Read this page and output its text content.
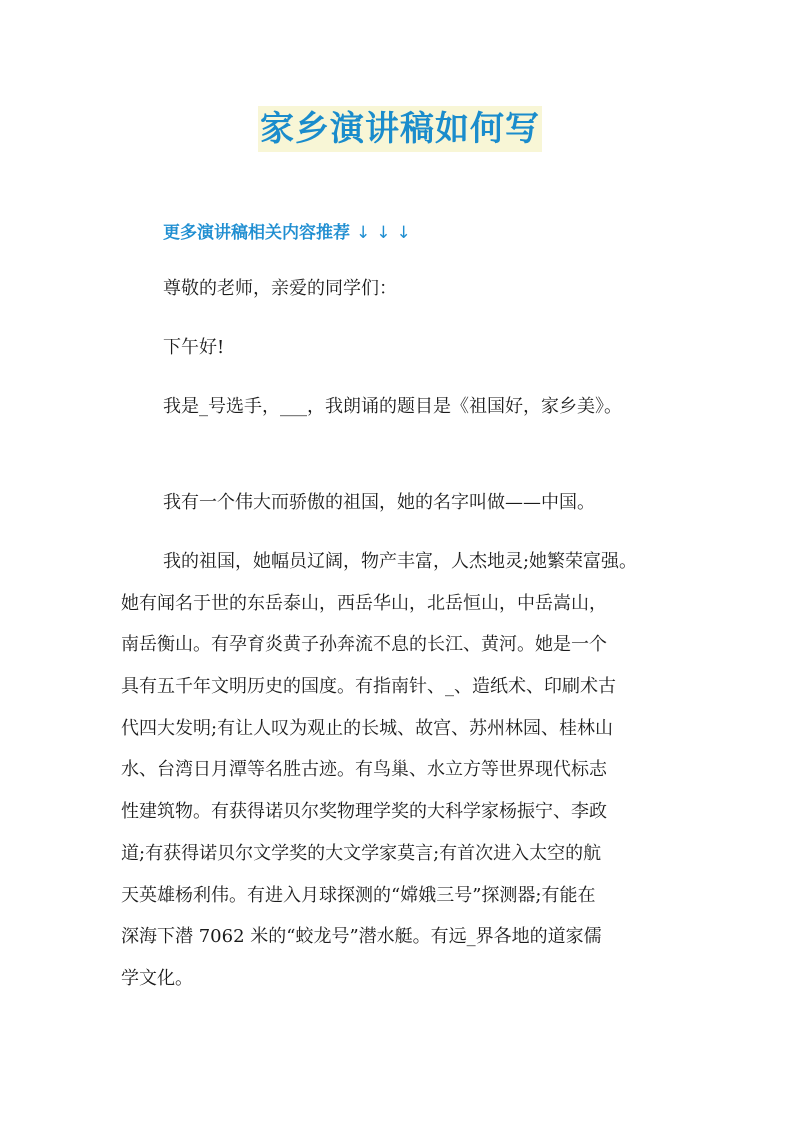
家乡演讲稿如何写
更多演讲稿相关内容推荐 ↓ ↓ ↓
尊敬的老师，亲爱的同学们：
下午好!
我是_号选手，___，我朗诵的题目是《祖国好，家乡美》。
我有一个伟大而骄傲的祖国，她的名字叫做——中国。
我的祖国，她幅员辽阔，物产丰富，人杰地灵;她繁荣富强。
她有闻名于世的东岳泰山，西岳华山，北岳恒山，中岳嵩山，
南岳衡山。有孕育炎黄子孙奔流不息的长江、黄河。她是一个
具有五千年文明历史的国度。有指南针、_、造纸术、印刷术古
代四大发明;有让人叹为观止的长城、故宫、苏州林园、桂林山
水、台湾日月潭等名胜古迹。有鸟巢、水立方等世界现代标志
性建筑物。有获得诺贝尔奖物理学奖的大科学家杨振宁、李政
道;有获得诺贝尔文学奖的大文学家莫言;有首次进入太空的航
天英雄杨利伟。有进入月球探测的“嫦娥三号”探测器;有能在
深海下潜 7062 米的“蛟龙号”潜水艇。有远_界各地的道家儒
学文化。
